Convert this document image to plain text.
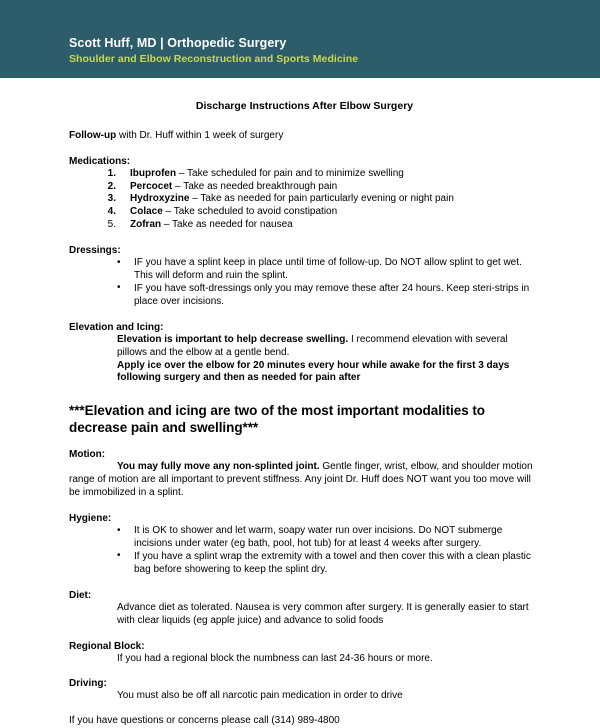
Scott Huff, MD | Orthopedic Surgery
Shoulder and Elbow Reconstruction and Sports Medicine
Discharge Instructions After Elbow Surgery

Follow-up with Dr. Huff within 1 week of surgery

Medications:

1. Ibuprofen – Take scheduled for pain and to minimize swelling
2. Percocet – Take as needed breakthrough pain
3. Hydroxyzine – Take as needed for pain particularly evening or night pain
4. Colace – Take scheduled to avoid constipation
5. Zofran – Take as needed for nausea

Dressings:

• IF you have a splint keep in place until time of follow-up. Do NOT allow splint to get wet. This will deform and ruin the splint.
• IF you have soft-dressings only you may remove these after 24 hours. Keep steri-strips in place over incisions.

Elevation and Icing:

Elevation is important to help decrease swelling. I recommend elevation with several pillows and the elbow at a gentle bend.
Apply ice over the elbow for 20 minutes every hour while awake for the first 3 days following surgery and then as needed for pain after

***Elevation and icing are two of the most important modalities to decrease pain and swelling***

Motion:

You may fully move any non-splinted joint. Gentle finger, wrist, elbow, and shoulder motion range of motion are all important to prevent stiffness. Any joint Dr. Huff does NOT want you too move will be immobilized in a splint.

Hygiene:

• It is OK to shower and let warm, soapy water run over incisions. Do NOT submerge incisions under water (eg bath, pool, hot tub) for at least 4 weeks after surgery.
• If you have a splint wrap the extremity with a towel and then cover this with a clean plastic bag before showering to keep the splint dry.

Diet:

Advance diet as tolerated. Nausea is very common after surgery. It is generally easier to start with clear liquids (eg apple juice) and advance to solid foods

Regional Block:

If you had a regional block the numbness can last 24-36 hours or more.

Driving:

You must also be off all narcotic pain medication in order to drive

If you have questions or concerns please call (314) 989-4800
